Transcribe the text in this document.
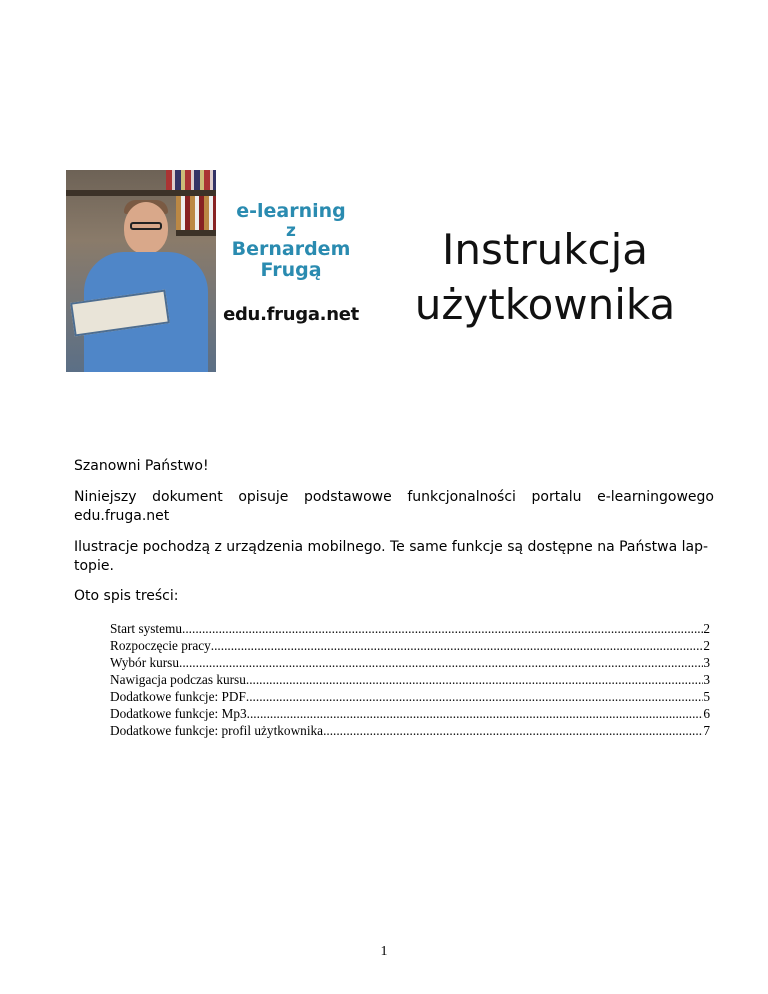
e-learning
z
Bernardem
Frugą
edu.fruga.net
Instrukcja
użytkownika
Szanowni Państwo!
Niniejszy dokument opisuje podstawowe funkcjonalności portalu e-learningowego edu.fruga.net
Ilustracje pochodzą z urządzenia mobilnego. Te same funkcje są dostępne na Państwa lap-topie.
Oto spis treści:
Start systemu .....	2
Rozpoczęcie pracy .....	2
Wybór kursu .....	3
Nawigacja podczas kursu .....	3
Dodatkowe funkcje: PDF .....	5
Dodatkowe funkcje: Mp3 .....	6
Dodatkowe funkcje: profil użytkownika .....	7
1
